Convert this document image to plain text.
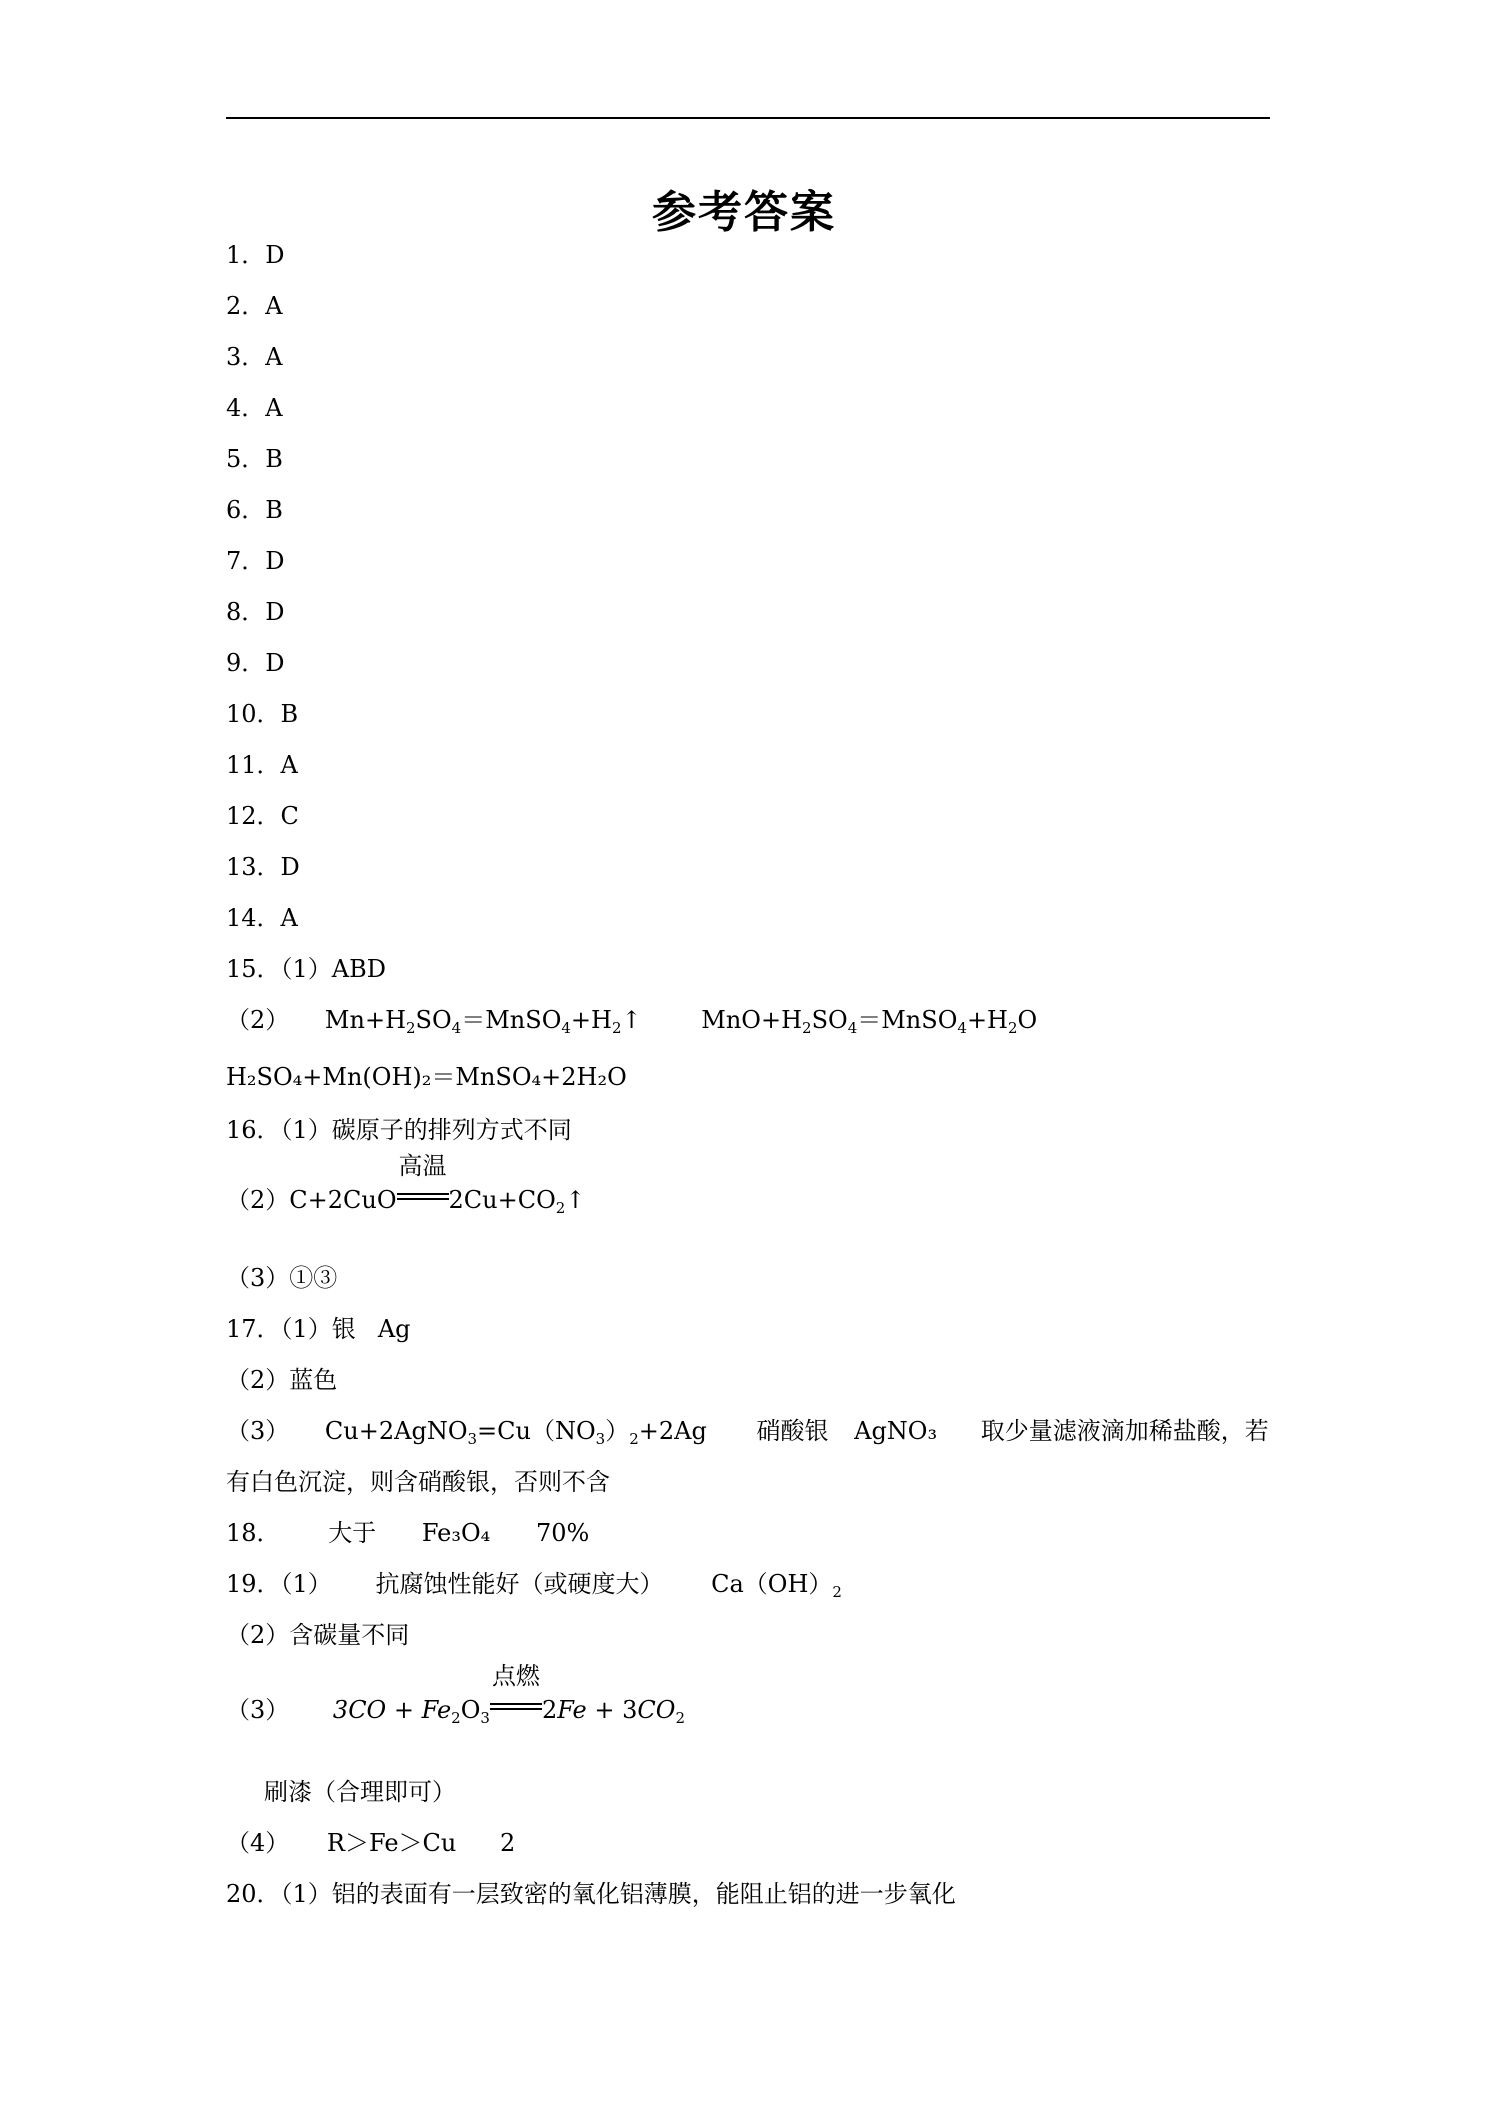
参考答案
1．D
2．A
3．A
4．A
5．B
6．B
7．D
8．D
9．D
10．B
11．A
12．C
13．D
14．A
15．（1）ABD
（2） $Mn+H_2SO_4=MnSO_4+H_2↑$ $MnO+H_2SO_4=MnSO_4+H_2O$
H₂SO₄+Mn(OH)₂＝MnSO₄+2H₂O
16．（1）碳原子的排列方式不同
（2）C+2CuO
高温
$2Cu+CO_2↑$
（3）①③
17．（1）银 Ag
（2）蓝色
（3） $Cu+2AgNO_3=Cu(NO_3)_2+2Ag$ 硝酸银 AgNO₃ 取少量滤液滴加稀盐酸，若
有白色沉淀，则含硝酸银，否则不含
18． 大于 Fe₃O₄ 70%
19．（1） 抗腐蚀性能好（或硬度大） $Ca(OH)_2$
（2）含碳量不同
（3） $3CO + Fe_2O_3$
点燃
$2Fe + 3CO_2$
刷漆（合理即可）
（4） R＞Fe＞Cu 2
20．（1）铝的表面有一层致密的氧化铝薄膜，能阻止铝的进一步氧化
